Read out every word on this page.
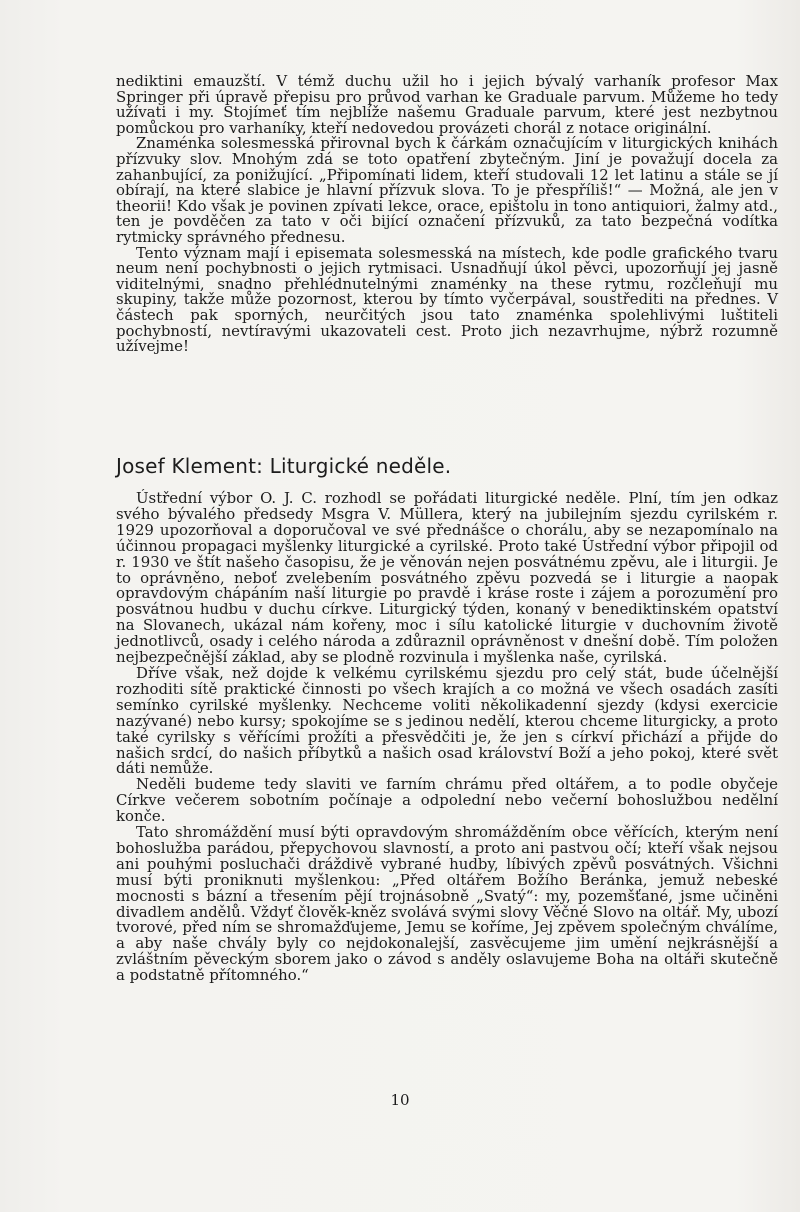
nediktini emauzští. V témž duchu užil ho i jejich bývalý varhaník profesor Max Springer při úpravě přepisu pro průvod varhan ke Graduale parvum. Můžeme ho tedy užívati i my. Stojímeť tím nejblíže našemu Graduale parvum, které jest nezbytnou pomůckou pro varhaníky, kteří nedovedou provázeti chorál z notace originální.

Znaménka solesmesská přirovnal bych k čárkám označujícím v liturgických knihách přízvuky slov. Mnohým zdá se toto opatření zbytečným. Jiní je považují docela za zahanbující, za ponižující. „Připomínati lidem, kteří studovali 12 let latinu a stále se jí obírají, na které slabice je hlavní přízvuk slova. To je přespříliš!“ — Možná, ale jen v theorii! Kdo však je povinen zpívati lekce, orace, epištolu in tono antiquiori, žalmy atd., ten je povděčen za tato v oči bijící označení přízvuků, za tato bezpečná vodítka rytmicky správného přednesu.

Tento význam mají i episemata solesmesská na místech, kde podle grafického tvaru neum není pochybnosti o jejich rytmisaci. Usnadňují úkol pěvci, upozorňují jej jasně viditelnými, snadno přehlédnutelnými znaménky na these rytmu, rozčleňují mu skupiny, takže může pozornost, kterou by tímto vyčerpával, soustřediti na přednes. V částech pak sporných, neurčitých jsou tato znaménka spolehlivými luštiteli pochybností, nevtíravými ukazovateli cest. Proto jich nezavrhujme, nýbrž rozumně užívejme!

Josef Klement: Liturgické neděle.

Ústřední výbor O. J. C. rozhodl se pořádati liturgické neděle. Plní, tím jen odkaz svého bývalého předsedy Msgra V. Müllera, který na jubilejním sjezdu cyrilském r. 1929 upozorňoval a doporučoval ve své přednášce o chorálu, aby se nezapomínalo na účinnou propagaci myšlenky liturgické a cyrilské. Proto také Ústřední výbor připojil od r. 1930 ve štít našeho časopisu, že je věnován nejen posvátnému zpěvu, ale i liturgii. Je to oprávněno, neboť zvelebením posvátného zpěvu pozvedá se i liturgie a naopak opravdovým chápáním naší liturgie po pravdě i kráse roste i zájem a porozumění pro posvátnou hudbu v duchu církve. Liturgický týden, konaný v benediktinském opatství na Slovanech, ukázal nám kořeny, moc i sílu katolické liturgie v duchovním životě jednotlivců, osady i celého národa a zdůraznil oprávněnost v dnešní době. Tím položen nejbezpečnější základ, aby se plodně rozvinula i myšlenka naše, cyrilská.

Dříve však, než dojde k velkému cyrilskému sjezdu pro celý stát, bude účelnější rozhoditi sítě praktické činnosti po všech krajích a co možná ve všech osadách zasíti semínko cyrilské myšlenky. Nechceme voliti několikadenní sjezdy (kdysi exercicie nazývané) nebo kursy; spokojíme se s jedinou nedělí, kterou chceme liturgicky, a proto také cyrilsky s věřícími prožíti a přesvědčiti je, že jen s církví přichází a přijde do našich srdcí, do našich příbytků a našich osad království Boží a jeho pokoj, které svět dáti nemůže.

Neděli budeme tedy slaviti ve farním chrámu před oltářem, a to podle obyčeje Církve večerem sobotním počínaje a odpolední nebo večerní bohoslužbou nedělní konče.

Tato shromáždění musí býti opravdovým shromážděním obce věřících, kterým není bohoslužba parádou, přepychovou slavností, a proto ani pastvou očí; kteří však nejsou ani pouhými posluchači dráždivě vybrané hudby, líbivých zpěvů posvátných. Všichni musí býti proniknuti myšlenkou: „Před oltářem Božího Beránka, jemuž nebeské mocnosti s bázní a třesením pějí trojnásobně „Svatý“: my, pozemšťané, jsme učiněni divadlem andělů. Vždyť člověk-kněz svolává svými slovy Věčné Slovo na oltář. My, ubozí tvorové, před ním se shromažďujeme, Jemu se koříme, Jej zpěvem společným chválíme, a aby naše chvály byly co nejdokonalejší, zasvěcujeme jim umění nejkrásnější a zvláštním pěveckým sborem jako o závod s anděly oslavujeme Boha na oltáři skutečně a podstatně přítomného.“

10
